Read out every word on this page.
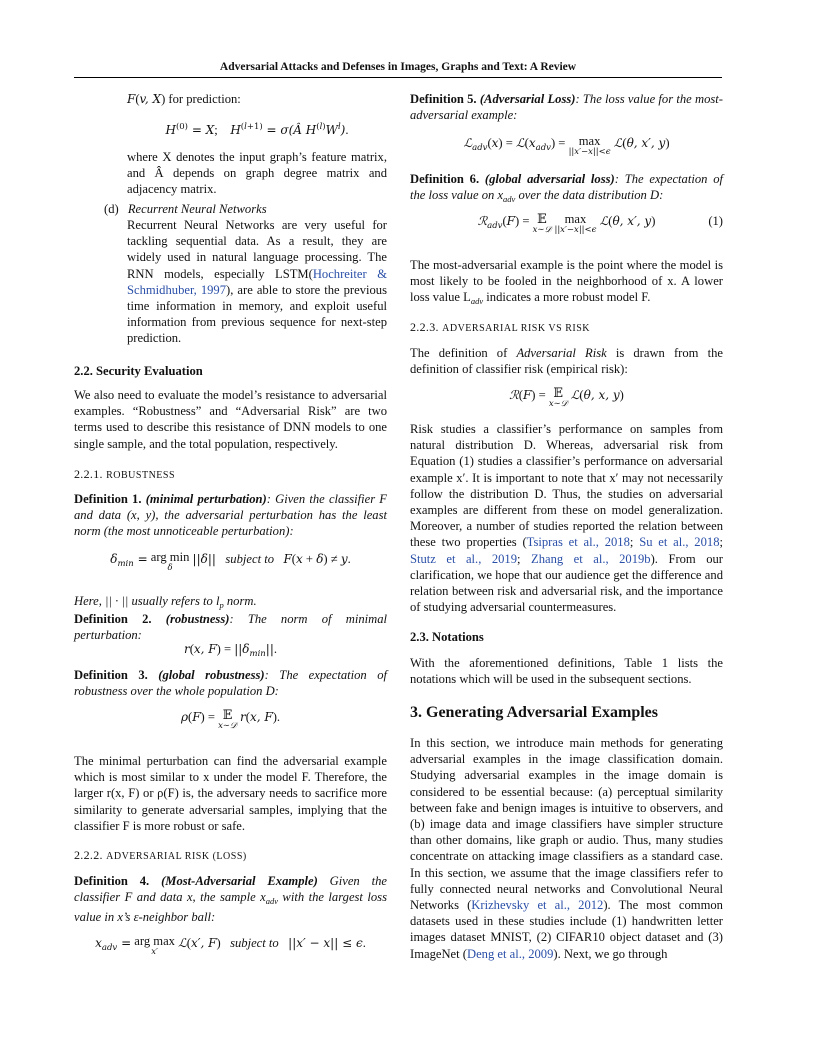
Adversarial Attacks and Defenses in Images, Graphs and Text: A Review
F(v, X) for prediction:
$H^{(0)} = X$;    $H^{(l+1)}$ = σ(Â $H^{(l)}W^l$).

where X denotes the input graph’s feature matrix, and Â depends on graph degree matrix and adjacency matrix.

(d) Recurrent Neural Networks

Recurrent Neural Networks are very useful for tackling sequential data. As a result, they are widely used in natural language processing. The RNN models, especially LSTM(Hochreiter & Schmidhuber, 1997), are able to store the previous time information in memory, and exploit useful information from previous sequence for next-step prediction.

2.2. Security Evaluation

We also need to evaluate the model’s resistance to adversarial examples. “Robustness” and “Adversarial Risk” are two terms used to describe this resistance of DNN models to one single sample, and the total population, respectively.

2.2.1. ROBUSTNESS

Definition 1. (minimal perturbation): Given the classifier F and data (x, y), the adversarial perturbation has the least norm (the most unnoticeable perturbation):

$\delta_{min}$ = arg min
δ
||δ|| subject to F(x + δ) ≠ y.
Here, || · || usually refers to $l_p$ norm.

Definition 2. (robustness): The norm of minimal perturbation:

r(x, $F) = ||\delta_{min}||$.

Definition 3. (global robustness): The expectation of robustness over the whole population D:

ρ(F) = 𝔼
x∼𝒟
r(x, F).

The minimal perturbation can find the adversarial example which is most similar to x under the model F. Therefore, the larger r(x, F) or ρ(F) is, the adversary needs to sacrifice more similarity to generate adversarial samples, implying that the classifier F is more robust or safe.

2.2.2. ADVERSARIAL RISK (LOSS)

Definition 4. (Most-Adversarial Example) Given the classifier F and data x, the sample $x_{adv}$ with the largest loss value in x’s ε-neighbor ball:

$x_{adv}$ = arg max
x′
ℒ(x′, F)   subject to ||x′ − x|| ≤ ϵ.

Definition 5. (Adversarial Loss): The loss value for the most-adversarial example:

ℒ$_{adv}$(x) = $ℒ(x_{adv}) = \max$
||x′−x||<ϵ
ℒ(θ, x′, y)

Definition 6. (global adversarial loss): The expectation of the loss value on $x_{adv}$ over the data distribution D:

ℛ$_{adv}$(F) = 𝔼
x∼𝒟
max
||x′−x||<ϵ
ℒ(θ, x′, y)	(1)

The most-adversarial example is the point where the model is most likely to be fooled in the neighborhood of x. A lower loss value $L_{adv}$ indicates a more robust model F.

2.2.3. ADVERSARIAL RISK VS RISK

The definition of Adversarial Risk is drawn from the definition of classifier risk (empirical risk):

ℛ(F) = 𝔼
x∼𝒟
ℒ(θ, x, y)

Risk studies a classifier’s performance on samples from natural distribution D. Whereas, adversarial risk from Equation (1) studies a classifier’s performance on adversarial example x′. It is important to note that x′ may not necessarily follow the distribution D. Thus, the studies on adversarial examples are different from these on model generalization. Moreover, a number of studies reported the relation between these two properties (Tsipras et al., 2018; Su et al., 2018; Stutz et al., 2019; Zhang et al., 2019b). From our clarification, we hope that our audience get the difference and relation between risk and adversarial risk, and the importance of studying adversarial countermeasures.

2.3. Notations

With the aforementioned definitions, Table 1 lists the notations which will be used in the subsequent sections.

3. Generating Adversarial Examples

In this section, we introduce main methods for generating adversarial examples in the image classification domain. Studying adversarial examples in the image domain is considered to be essential because: (a) perceptual similarity between fake and benign images is intuitive to observers, and (b) image data and image classifiers have simpler structure than other domains, like graph or audio. Thus, many studies concentrate on attacking image classifiers as a standard case. In this section, we assume that the image classifiers refer to fully connected neural networks and Convolutional Neural Networks (Krizhevsky et al., 2012). The most common datasets used in these studies include (1) handwritten letter images dataset MNIST, (2) CIFAR10 object dataset and (3) ImageNet (Deng et al., 2009). Next, we go through
